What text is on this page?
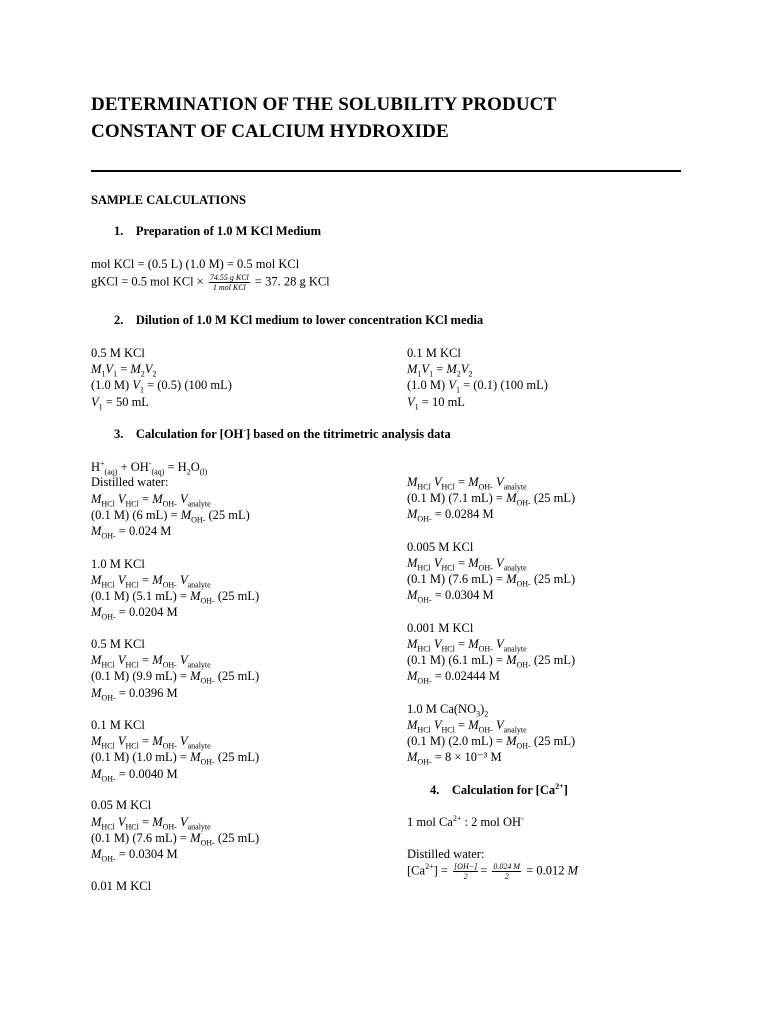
DETERMINATION OF THE SOLUBILITY PRODUCT
CONSTANT OF CALCIUM HYDROXIDE
SAMPLE CALCULATIONS
1.    Preparation of 1.0 M KCl Medium
mol KCl = (0.5 L) (1.0 M) = 0.5 mol KCl
gKCl = 0.5 mol KCl × $\frac{\text{74.55 g KCl}}{\text{1 mol KCl}} = 37$. 28 g KCl
2.    Dilution of 1.0 M KCl medium to lower concentration KCl media
0.5 M KCl
$M_1V_1 = M_2V_2$
(1.0 M) $V_1 = (0.5)$ (100 mL)
$V_1 = 50$ mL
0.1 M KCl
$M_1V_1 = M_2V_2$
(1.0 M) $V_1 = (0.1)$ (100 mL)
$V_1 = 10$ mL
3.    Calculation for [OH-] based on the titrimetric analysis data
$H^+_{(aq)} + OH^-_{(aq)} = H_2O_{(l)}$
Distilled water:
$M_{HCl}$ $V_{HCl} = M_{OH-}$ $V_{analyte}$
(0.1 M) (6 $mL) = M_{OH-}$ (25 mL)
$M_{OH-} = 0.024$ M
1.0 M KCl
$M_{HCl}$ $V_{HCl} = M_{OH-}$ $V_{analyte}$
(0.1 M) (5.1 $mL) = M_{OH-}$ (25 mL)
$M_{OH-} = 0.0204$ M
0.5 M KCl
$M_{HCl}$ $V_{HCl} = M_{OH-}$ $V_{analyte}$
(0.1 M) (9.9 $mL) = M_{OH-}$ (25 mL)
$M_{OH-} = 0.0396$ M
0.1 M KCl
$M_{HCl}$ $V_{HCl} = M_{OH-}$ $V_{analyte}$
(0.1 M) (1.0 $mL) = M_{OH-}$ (25 mL)
$M_{OH-} = 0.0040$ M
0.05 M KCl
$M_{HCl}$ $V_{HCl} = M_{OH-}$ $V_{analyte}$
(0.1 M) (7.6 $mL) = M_{OH-}$ (25 mL)
$M_{OH-} = 0.0304$ M
0.01 M KCl
$M_{HCl}$ $V_{HCl} = M_{OH-}$ $V_{analyte}$
(0.1 M) (7.1 $mL) = M_{OH-}$ (25 mL)
$M_{OH-} = 0.0284$ M
0.005 M KCl
$M_{HCl}$ $V_{HCl} = M_{OH-}$ $V_{analyte}$
(0.1 M) (7.6 $mL) = M_{OH-}$ (25 mL)
$M_{OH-} = 0.0304$ M
0.001 M KCl
$M_{HCl}$ $V_{HCl} = M_{OH-}$ $V_{analyte}$
(0.1 M) (6.1 $mL) = M_{OH-}$ (25 mL)
$M_{OH-} = 0.02444$ M
1.0 M $Ca(NO_3)_2$
$M_{HCl}$ $V_{HCl} = M_{OH-}$ $V_{analyte}$
(0.1 M) (2.0 $mL) = M_{OH-}$ (25 mL)
$M_{OH-} = 8 \times 10^{-3}$ M
4.    Calculation for $[Ca^{2+}]$
1 mol $Ca^{2+}$ : 2 mol OH-
Distilled water:
$[Ca^{2+}] = \frac{[OH-]}{2} = \frac{0.024 M}{2} = 0.012$ M
